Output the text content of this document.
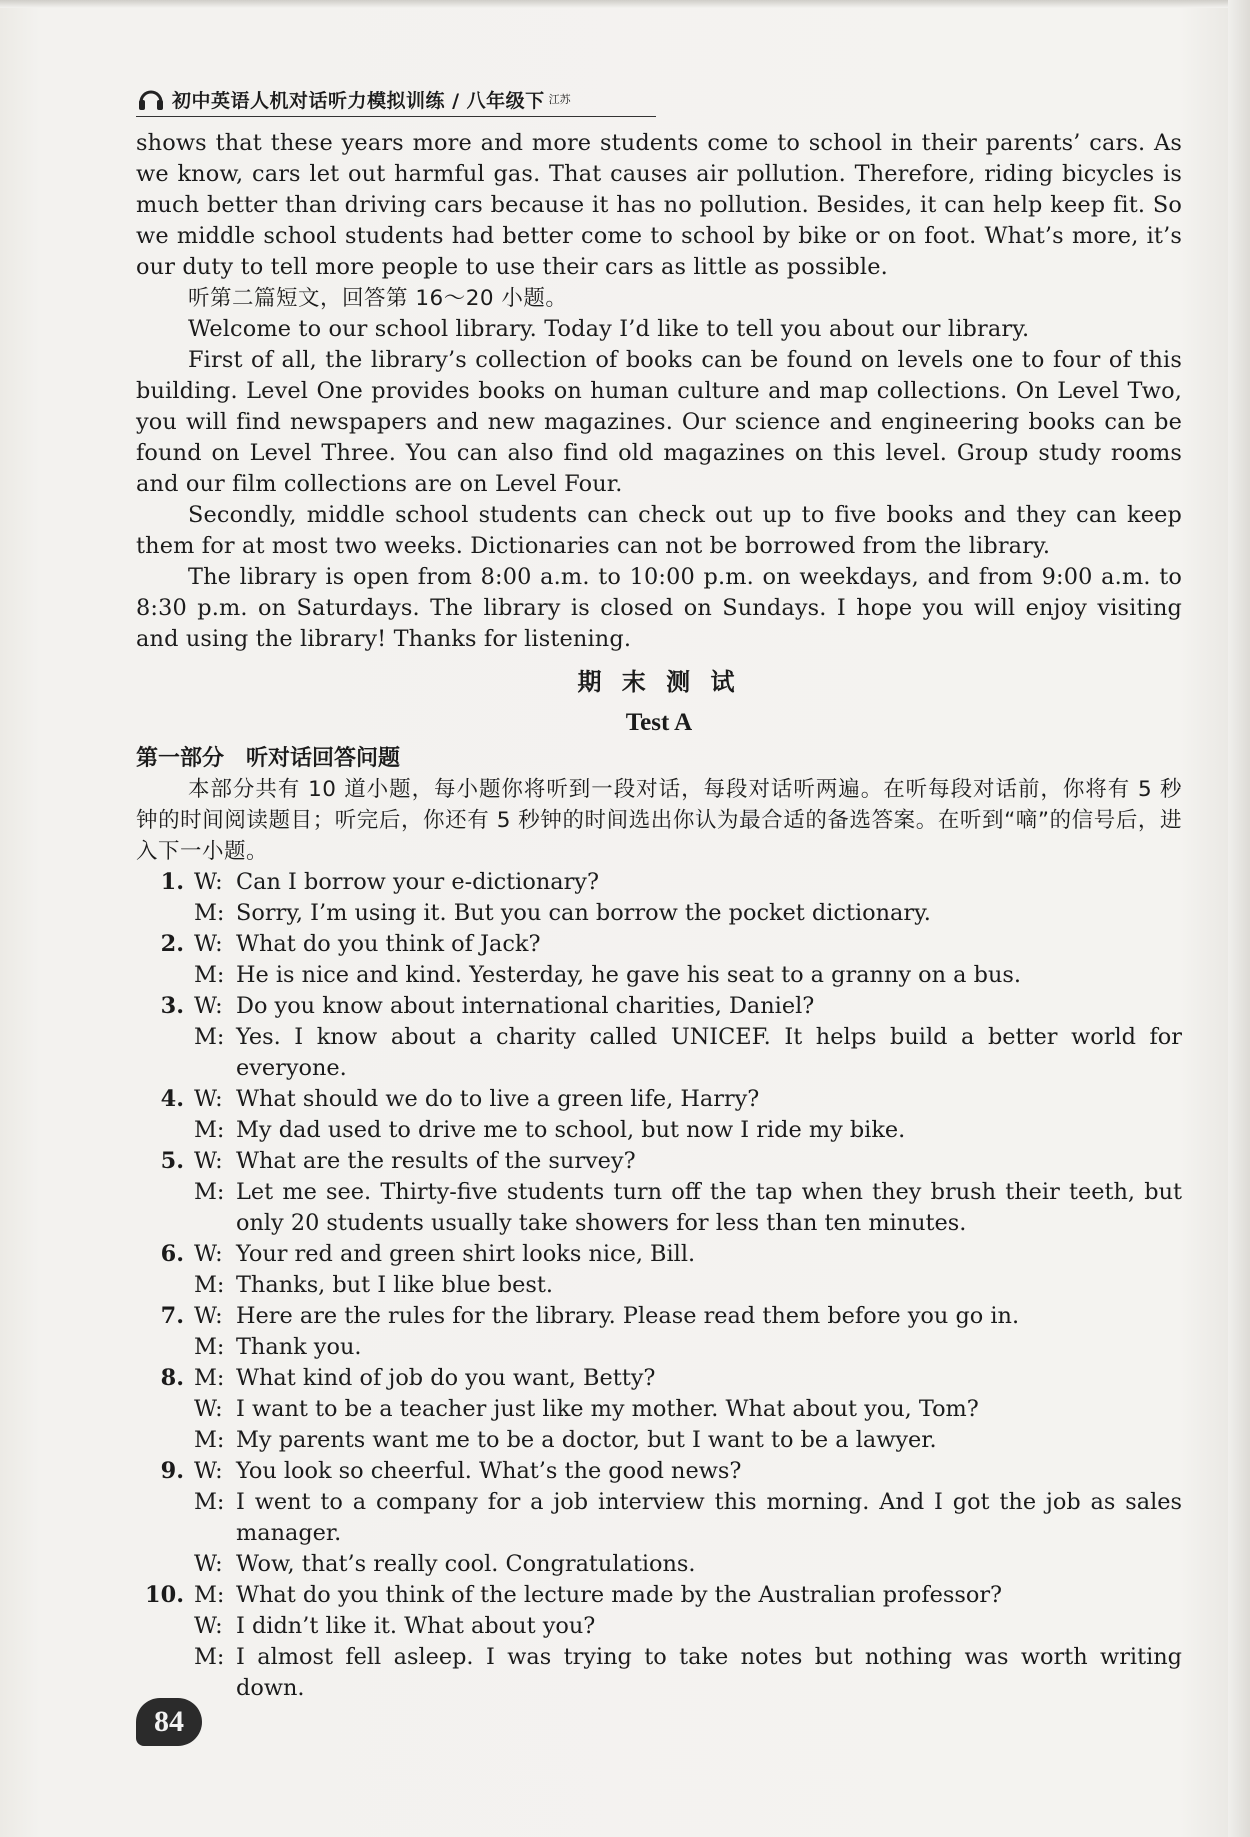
初中英语人机对话听力模拟训练 / 八年级下 江苏

shows that these years more and more students come to school in their parents’ cars. As we know, cars let out harmful gas. That causes air pollution. Therefore, riding bicycles is much better than driving cars because it has no pollution. Besides, it can help keep fit. So we middle school students had better come to school by bike or on foot. What’s more, it’s our duty to tell more people to use their cars as little as possible.

听第二篇短文，回答第 16～20 小题。

Welcome to our school library. Today I’d like to tell you about our library.

First of all, the library’s collection of books can be found on levels one to four of this building. Level One provides books on human culture and map collections. On Level Two, you will find newspapers and new magazines. Our science and engineering books can be found on Level Three. You can also find old magazines on this level. Group study rooms and our film collections are on Level Four.

Secondly, middle school students can check out up to five books and they can keep them for at most two weeks. Dictionaries can not be borrowed from the library.

The library is open from 8:00 a.m. to 10:00 p.m. on weekdays, and from 9:00 a.m. to 8:30 p.m. on Saturdays. The library is closed on Sundays. I hope you will enjoy visiting and using the library! Thanks for listening.

期 末 测 试
Test A
第一部分　听对话回答问题

本部分共有 10 道小题，每小题你将听到一段对话，每段对话听两遍。在听每段对话前，你将有 5 秒钟的时间阅读题目；听完后，你还有 5 秒钟的时间选出你认为最合适的备选答案。在听到“嘀”的信号后，进入下一小题。

1. W: Can I borrow your e-dictionary?
M: Sorry, I’m using it. But you can borrow the pocket dictionary.
2. W: What do you think of Jack?
M: He is nice and kind. Yesterday, he gave his seat to a granny on a bus.
3. W: Do you know about international charities, Daniel?
M: Yes. I know about a charity called UNICEF. It helps build a better world for everyone.
4. W: What should we do to live a green life, Harry?
M: My dad used to drive me to school, but now I ride my bike.
5. W: What are the results of the survey?
M: Let me see. Thirty-five students turn off the tap when they brush their teeth, but only 20 students usually take showers for less than ten minutes.
6. W: Your red and green shirt looks nice, Bill.
M: Thanks, but I like blue best.
7. W: Here are the rules for the library. Please read them before you go in.
M: Thank you.
8. M: What kind of job do you want, Betty?
W: I want to be a teacher just like my mother. What about you, Tom?
M: My parents want me to be a doctor, but I want to be a lawyer.
9. W: You look so cheerful. What’s the good news?
M: I went to a company for a job interview this morning. And I got the job as sales manager.
W: Wow, that’s really cool. Congratulations.
10. M: What do you think of the lecture made by the Australian professor?
W: I didn’t like it. What about you?
M: I almost fell asleep. I was trying to take notes but nothing was worth writing down.
84
